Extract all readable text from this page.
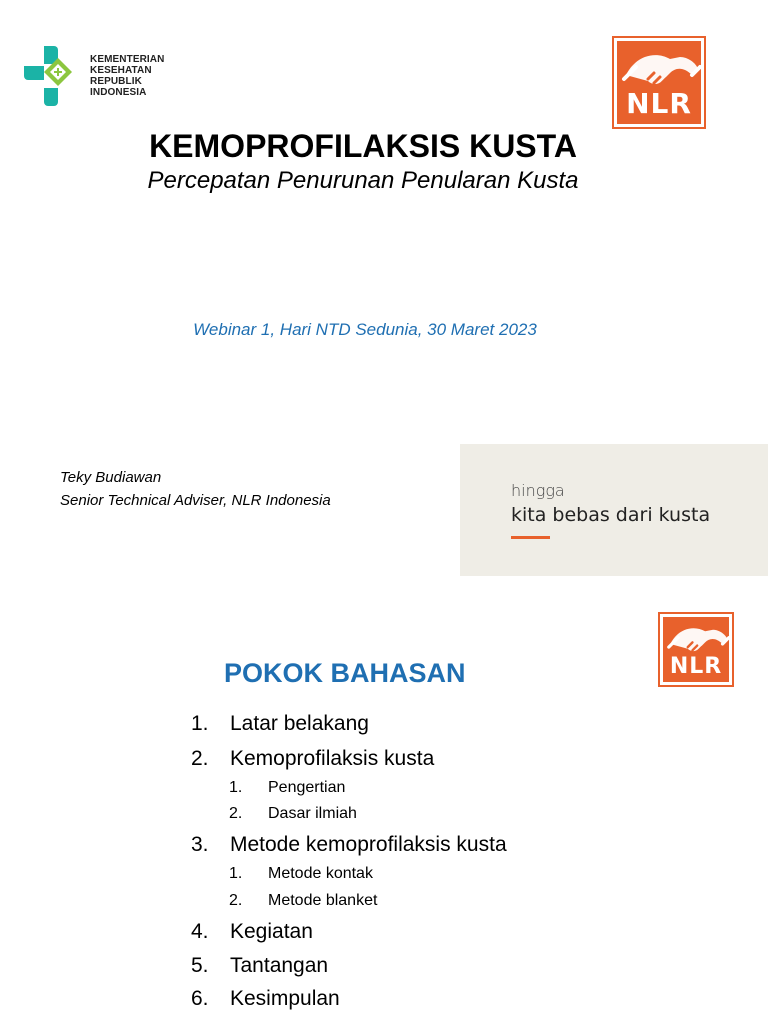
KEMENTERIAN
KESEHATAN
REPUBLIK
INDONESIA	NLR
KEMOPROFILAKSIS KUSTA
Percepatan Penurunan Penularan Kusta
Webinar 1, Hari NTD Sedunia, 30 Maret 2023
Teky Budiawan
Senior Technical Adviser, NLR Indonesia
hingga
kita bebas dari kusta
NLR
POKOK BAHASAN
1.	Latar belakang
2.	Kemoprofilaksis kusta
1. Pengertian
2. Dasar ilmiah
3.	Metode kemoprofilaksis kusta
1. Metode kontak
2. Metode blanket
4.	Kegiatan
5.	Tantangan
6.	Kesimpulan
